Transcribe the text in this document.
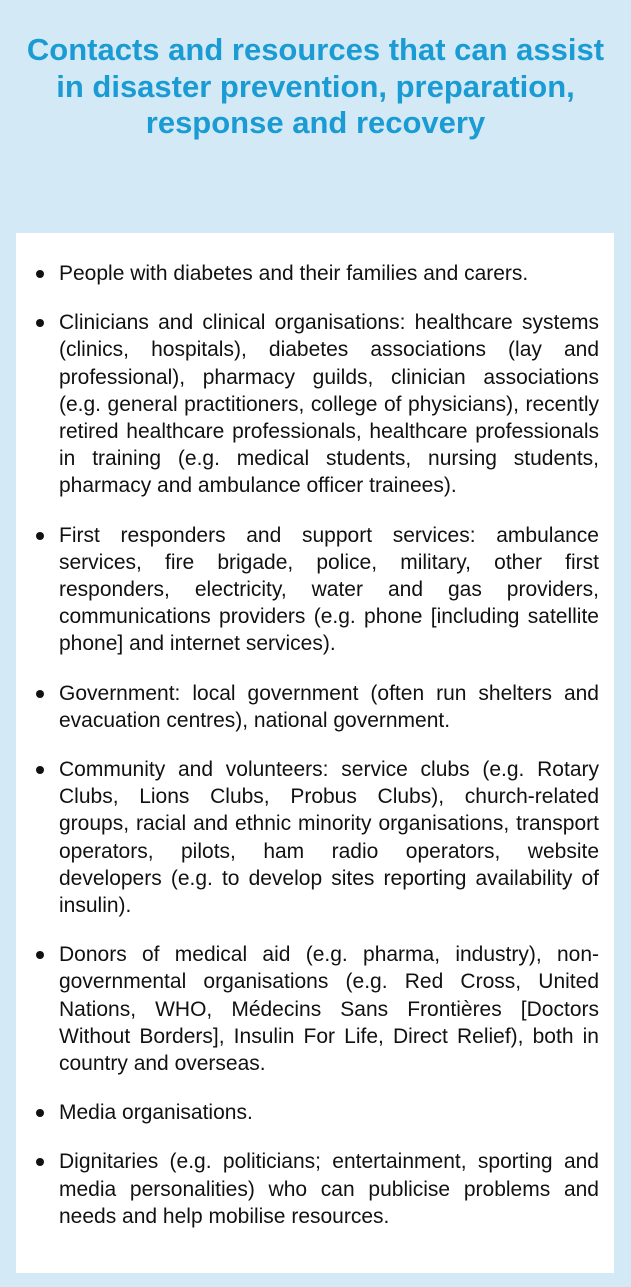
Contacts and resources that can assist in disaster prevention, preparation, response and recovery
People with diabetes and their families and carers.
Clinicians and clinical organisations: healthcare systems (clinics, hospitals), diabetes associations (lay and professional), pharmacy guilds, clinician associations (e.g. general practitioners, college of physicians), recently retired healthcare professionals, healthcare professionals in training (e.g. medical students, nursing students, pharmacy and ambulance officer trainees).
First responders and support services: ambulance services, fire brigade, police, military, other first responders, electricity, water and gas providers, communications providers (e.g. phone [including satellite phone] and internet services).
Government: local government (often run shelters and evacuation centres), national government.
Community and volunteers: service clubs (e.g. Rotary Clubs, Lions Clubs, Probus Clubs), church-related groups, racial and ethnic minority organisations, transport operators, pilots, ham radio operators, website developers (e.g. to develop sites reporting availability of insulin).
Donors of medical aid (e.g. pharma, industry), non-governmental organisations (e.g. Red Cross, United Nations, WHO, Médecins Sans Frontières [Doctors Without Borders], Insulin For Life, Direct Relief), both in country and overseas.
Media organisations.
Dignitaries (e.g. politicians; entertainment, sporting and media personalities) who can publicise problems and needs and help mobilise resources.
